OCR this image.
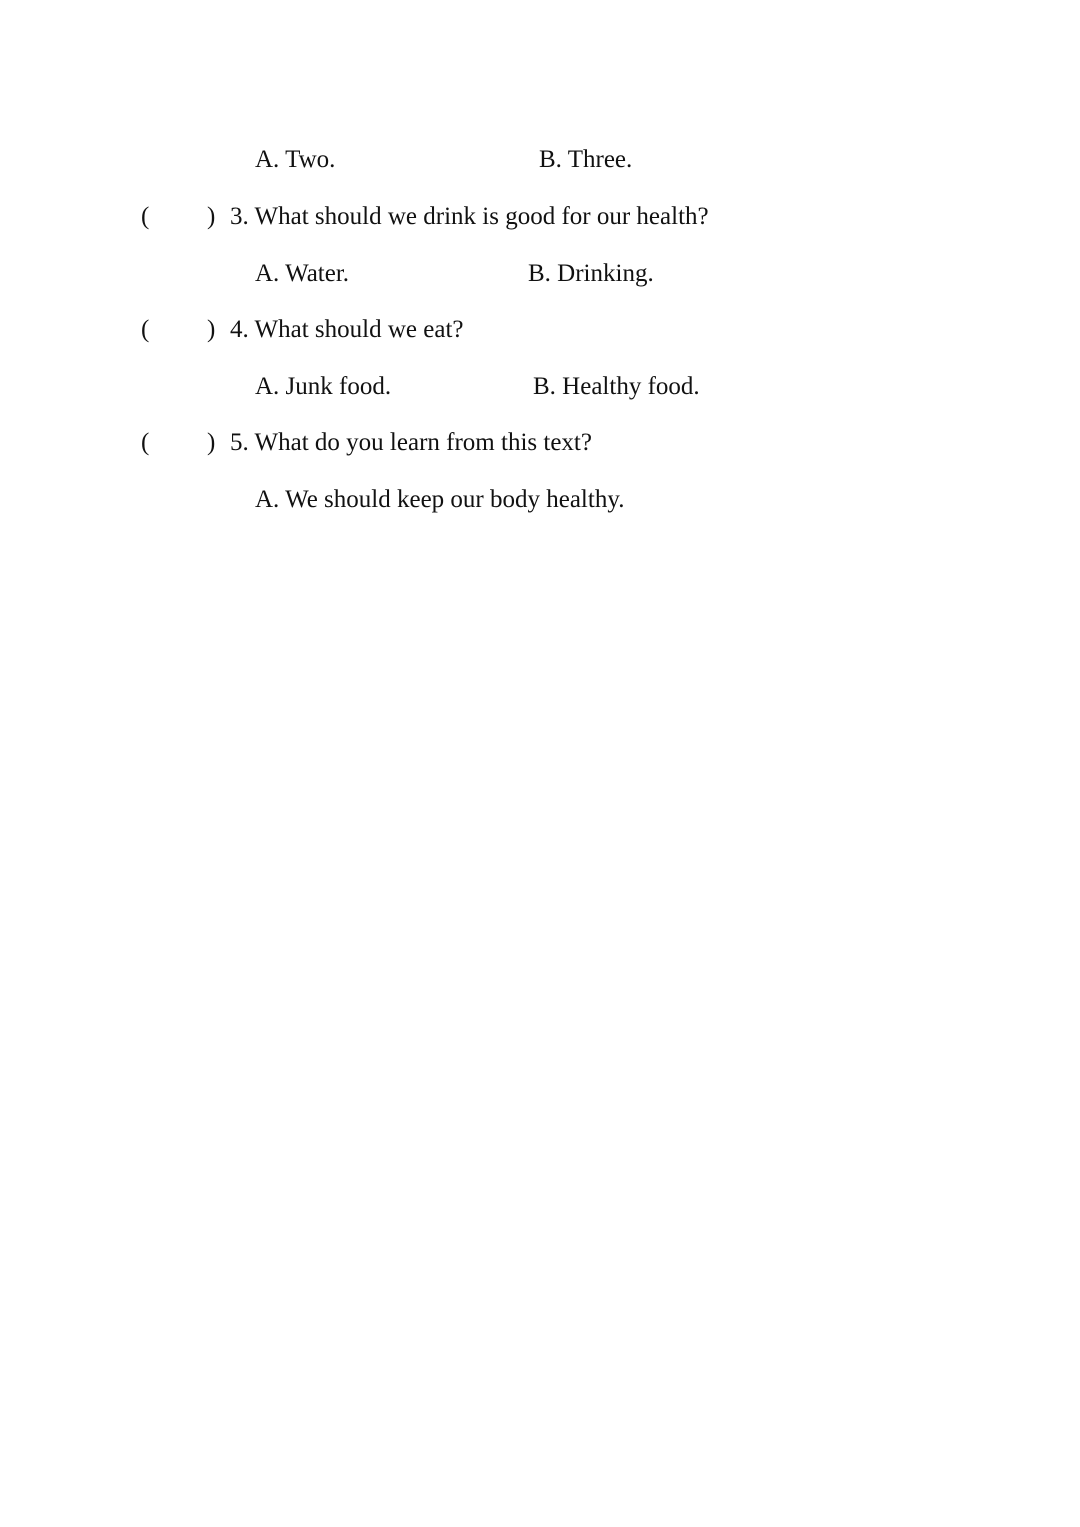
A. Two.	B. Three.
( ) 3. What should we drink is good for our health?
A. Water.	B. Drinking.
( ) 4. What should we eat?
A. Junk food.	B. Healthy food.
( ) 5. What do you learn from this text?
A. We should keep our body healthy.
